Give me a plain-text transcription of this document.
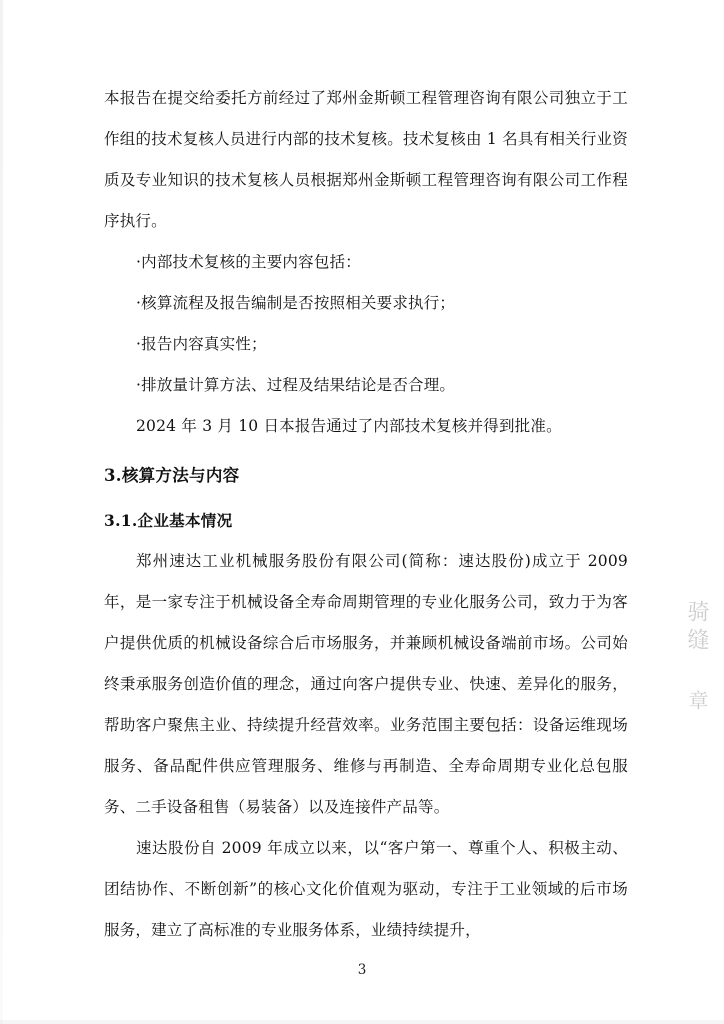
本报告在提交给委托方前经过了郑州金斯顿工程管理咨询有限公司独立于工作组的技术复核人员进行内部的技术复核。技术复核由 1 名具有相关行业资质及专业知识的技术复核人员根据郑州金斯顿工程管理咨询有限公司工作程序执行。

·内部技术复核的主要内容包括：

·核算流程及报告编制是否按照相关要求执行；

·报告内容真实性；

·排放量计算方法、过程及结果结论是否合理。

2024 年 3 月 10 日本报告通过了内部技术复核并得到批准。

3.核算方法与内容
3.1.企业基本情况

郑州速达工业机械服务股份有限公司(简称：速达股份)成立于 2009 年，是一家专注于机械设备全寿命周期管理的专业化服务公司，致力于为客户提供优质的机械设备综合后市场服务，并兼顾机械设备端前市场。公司始终秉承服务创造价值的理念，通过向客户提供专业、快速、差异化的服务，帮助客户聚焦主业、持续提升经营效率。业务范围主要包括：设备运维现场服务、备品配件供应管理服务、维修与再制造、全寿命周期专业化总包服务、二手设备租售（易装备）以及连接件产品等。

速达股份自 2009 年成立以来，以“客户第一、尊重个人、积极主动、团结协作、不断创新”的核心文化价值观为驱动，专注于工业领域的后市场服务，建立了高标准的专业服务体系，业绩持续提升，

骑缝
章
3
